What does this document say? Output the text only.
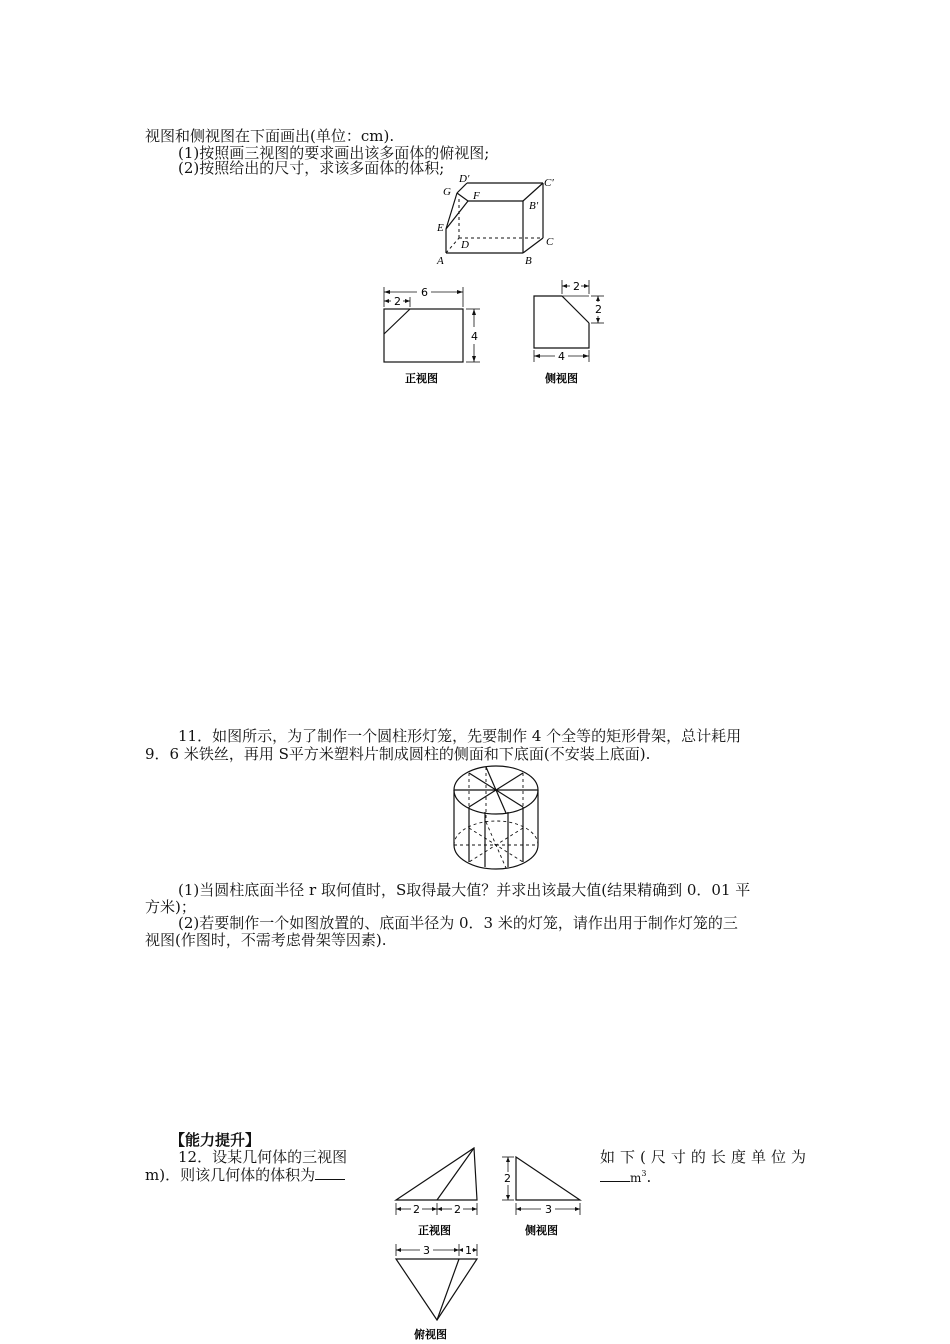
视图和侧视图在下面画出(单位：cm).
(1)按照画三视图的要求画出该多面体的俯视图;
(2)按照给出的尺寸，求该多面体的体积;
A	B
C
D
E
F
G
D′	C′
B′
6
2
4
正视图
2
2
4
侧视图
11．如图所示，为了制作一个圆柱形灯笼，先要制作 4 个全等的矩形骨架，总计耗用
9．6 米铁丝，再用 S平方米塑料片制成圆柱的侧面和下底面(不安装上底面).
(1)当圆柱底面半径 r 取何值时，S取得最大值？并求出该最大值(结果精确到 0．01 平
方米)；
(2)若要制作一个如图放置的、底面半径为 0．3 米的灯笼，请作出用于制作灯笼的三
视图(作图时，不需考虑骨架等因素).
【能力提升】
12．设某几何体的三视图	如下(尺寸的长度单位为
m)．则该几何体的体积为	$m^3$.
2	2
正视图
2
3
侧视图
3	1
俯视图
